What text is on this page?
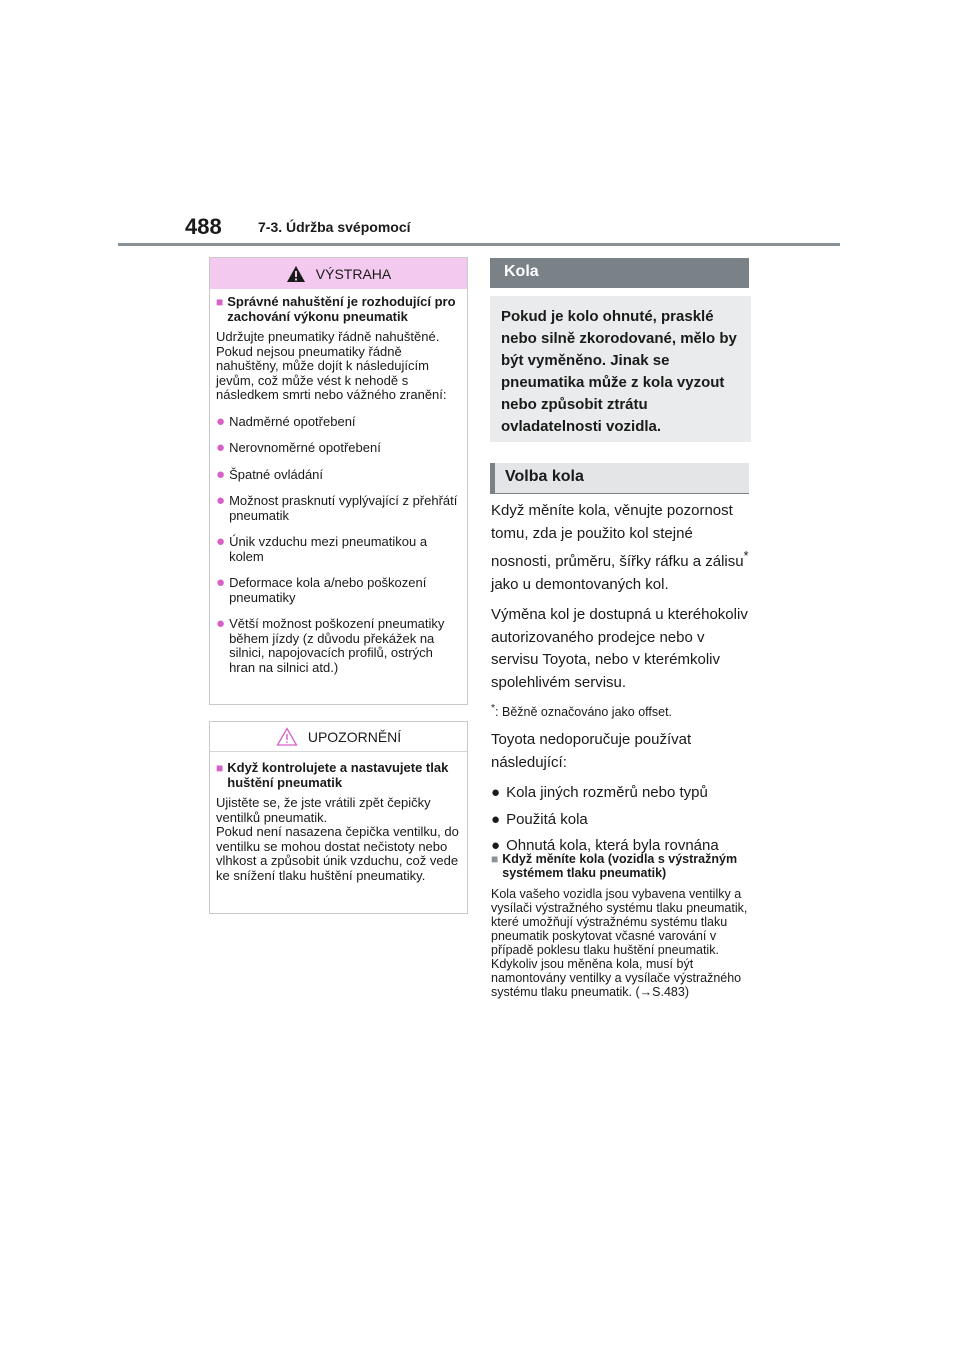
488	7-3. Údržba svépomocí
VÝSTRAHA
■ Správné nahuštění je rozhodující pro zachování výkonu pneumatik
Udržujte pneumatiky řádně nahuštěné. Pokud nejsou pneumatiky řádně nahuštěny, může dojít k následujícím jevům, což může vést k nehodě s následkem smrti nebo vážného zranění:
● Nadměrné opotřebení
● Nerovnoměrné opotřebení
● Špatné ovládání
● Možnost prasknutí vyplývající z přehřátí pneumatik
● Únik vzduchu mezi pneumatikou a kolem
● Deformace kola a/nebo poškození pneumatiky
● Větší možnost poškození pneumatiky během jízdy (z důvodu překážek na silnici, napojovacích profilů, ostrých hran na silnici atd.)
UPOZORNĚNÍ
■ Když kontrolujete a nastavujete tlak huštění pneumatik
Ujistěte se, že jste vrátili zpět čepičky ventilků pneumatik.
Pokud není nasazena čepička ventilku, do ventilku se mohou dostat nečistoty nebo vlhkost a způsobit únik vzduchu, což vede ke snížení tlaku huštění pneumatiky.
Kola
Pokud je kolo ohnuté, prasklé nebo silně zkorodované, mělo by být vyměněno. Jinak se pneumatika může z kola vyzout nebo způsobit ztrátu ovladatelnosti vozidla.
Volba kola

Když měníte kola, věnujte pozornost tomu, zda je použito kol stejné nosnosti, průměru, šířky ráfku a zálisu* jako u demontovaných kol.

Výměna kol je dostupná u kteréhokoliv autorizovaného prodejce nebo v servisu Toyota, nebo v kterémkoliv spolehlivém servisu.

*: Běžně označováno jako offset.

Toyota nedoporučuje používat následující:

● Kola jiných rozměrů nebo typů
● Použitá kola
● Ohnutá kola, která byla rovnána
■ Když měníte kola (vozidla s výstražným systémem tlaku pneumatik)
Kola vašeho vozidla jsou vybavena ventilky a vysílači výstražného systému tlaku pneumatik, které umožňují výstražnému systému tlaku pneumatik poskytovat včasné varování v případě poklesu tlaku huštění pneumatik. Kdykoliv jsou měněna kola, musí být namontovány ventilky a vysílače výstražného systému tlaku pneumatik. (→S.483)
